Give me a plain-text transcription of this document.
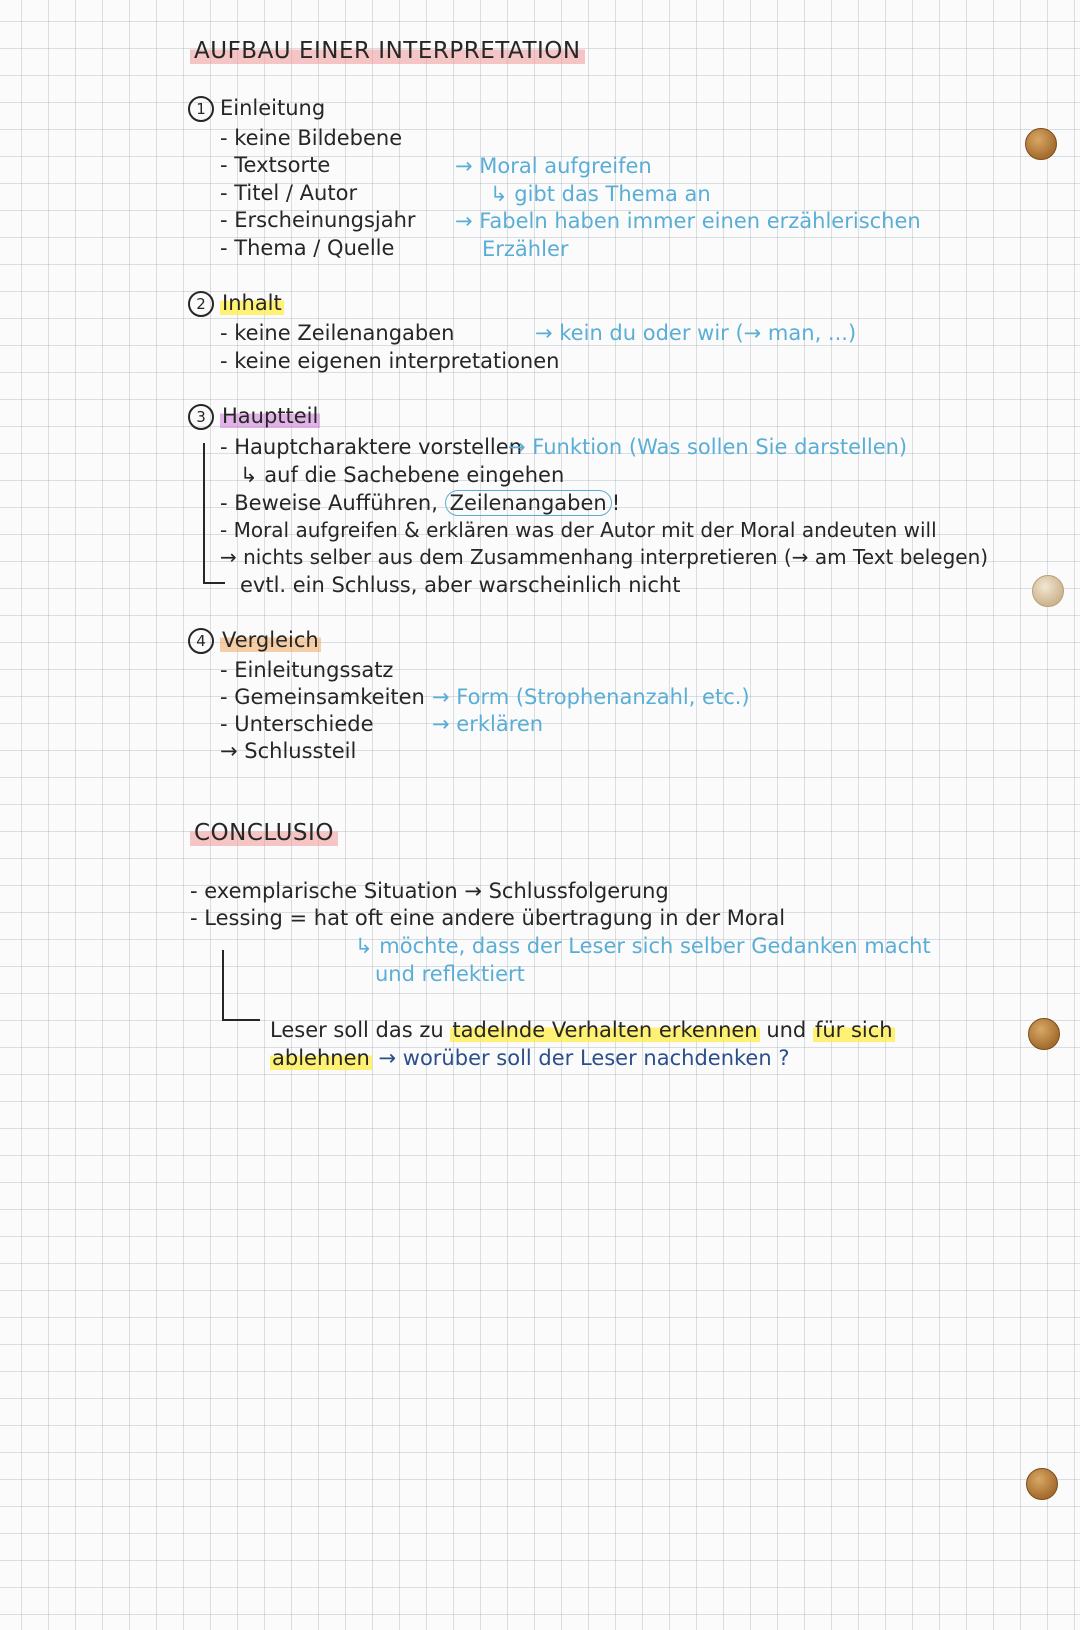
AUFBAU EINER INTERPRETATION
1 Einleitung
- keine Bildebene
- Textsorte
- Titel / Autor
- Erscheinungsjahr
- Thema / Quelle
→ Moral aufgreifen
↳ gibt das Thema an
→ Fabeln haben immer einen erzählerischen
Erzähler
2 Inhalt
- keine Zeilenangaben
- keine eigenen interpretationen
→ kein du oder wir (→ man, ...)
3 Hauptteil
- Hauptcharaktere vorstellen
→ Funktion (Was sollen Sie darstellen)
↳ auf die Sachebene eingehen
- Beweise Aufführen, Zeilenangaben !
- Moral aufgreifen & erklären was der Autor mit der Moral andeuten will
→ nichts selber aus dem Zusammenhang interpretieren (→ am Text belegen)
evtl. ein Schluss, aber warscheinlich nicht
4 Vergleich
- Einleitungssatz
- Gemeinsamkeiten
- Unterschiede
→ Schlussteil
→ Form (Strophenanzahl, etc.)
→ erklären
CONCLUSIO
- exemplarische Situation → Schlussfolgerung
- Lessing = hat oft eine andere übertragung in der Moral
↳ möchte, dass der Leser sich selber Gedanken macht
und reflektiert
Leser soll das zu tadelnde Verhalten erkennen und für sich
ablehnen → worüber soll der Leser nachdenken ?
